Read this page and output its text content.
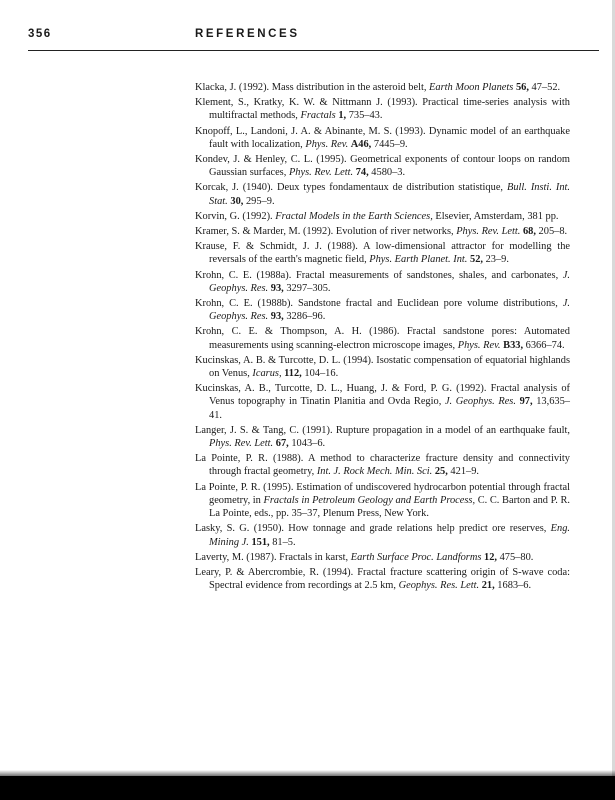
356	REFERENCES
Klacka, J. (1992). Mass distribution in the asteroid belt, Earth Moon Planets 56, 47–52.
Klement, S., Kratky, K. W. & Nittmann J. (1993). Practical time-series analysis with multifractal methods, Fractals 1, 735–43.
Knopoff, L., Landoni, J. A. & Abinante, M. S. (1993). Dynamic model of an earthquake fault with localization, Phys. Rev. A46, 7445–9.
Kondev, J. & Henley, C. L. (1995). Geometrical exponents of contour loops on random Gaussian surfaces, Phys. Rev. Lett. 74, 4580–3.
Korcak, J. (1940). Deux types fondamentaux de distribution statistique, Bull. Insti. Int. Stat. 30, 295–9.
Korvin, G. (1992). Fractal Models in the Earth Sciences, Elsevier, Amsterdam, 381 pp.
Kramer, S. & Marder, M. (1992). Evolution of river networks, Phys. Rev. Lett. 68, 205–8.
Krause, F. & Schmidt, J. J. (1988). A low-dimensional attractor for modelling the reversals of the earth's magnetic field, Phys. Earth Planet. Int. 52, 23–9.
Krohn, C. E. (1988a). Fractal measurements of sandstones, shales, and carbonates, J. Geophys. Res. 93, 3297–305.
Krohn, C. E. (1988b). Sandstone fractal and Euclidean pore volume distributions, J. Geophys. Res. 93, 3286–96.
Krohn, C. E. & Thompson, A. H. (1986). Fractal sandstone pores: Automated measurements using scanning-electron microscope images, Phys. Rev. B33, 6366–74.
Kucinskas, A. B. & Turcotte, D. L. (1994). Isostatic compensation of equatorial highlands on Venus, Icarus, 112, 104–16.
Kucinskas, A. B., Turcotte, D. L., Huang, J. & Ford, P. G. (1992). Fractal analysis of Venus topography in Tinatin Planitia and Ovda Regio, J. Geophys. Res. 97, 13,635–41.
Langer, J. S. & Tang, C. (1991). Rupture propagation in a model of an earthquake fault, Phys. Rev. Lett. 67, 1043–6.
La Pointe, P. R. (1988). A method to characterize fracture density and connectivity through fractal geometry, Int. J. Rock Mech. Min. Sci. 25, 421–9.
La Pointe, P. R. (1995). Estimation of undiscovered hydrocarbon potential through fractal geometry, in Fractals in Petroleum Geology and Earth Process, C. C. Barton and P. R. La Pointe, eds., pp. 35–37, Plenum Press, New York.
Lasky, S. G. (1950). How tonnage and grade relations help predict ore reserves, Eng. Mining J. 151, 81–5.
Laverty, M. (1987). Fractals in karst, Earth Surface Proc. Landforms 12, 475–80.
Leary, P. & Abercrombie, R. (1994). Fractal fracture scattering origin of S-wave coda: Spectral evidence from recordings at 2.5 km, Geophys. Res. Lett. 21, 1683–6.
